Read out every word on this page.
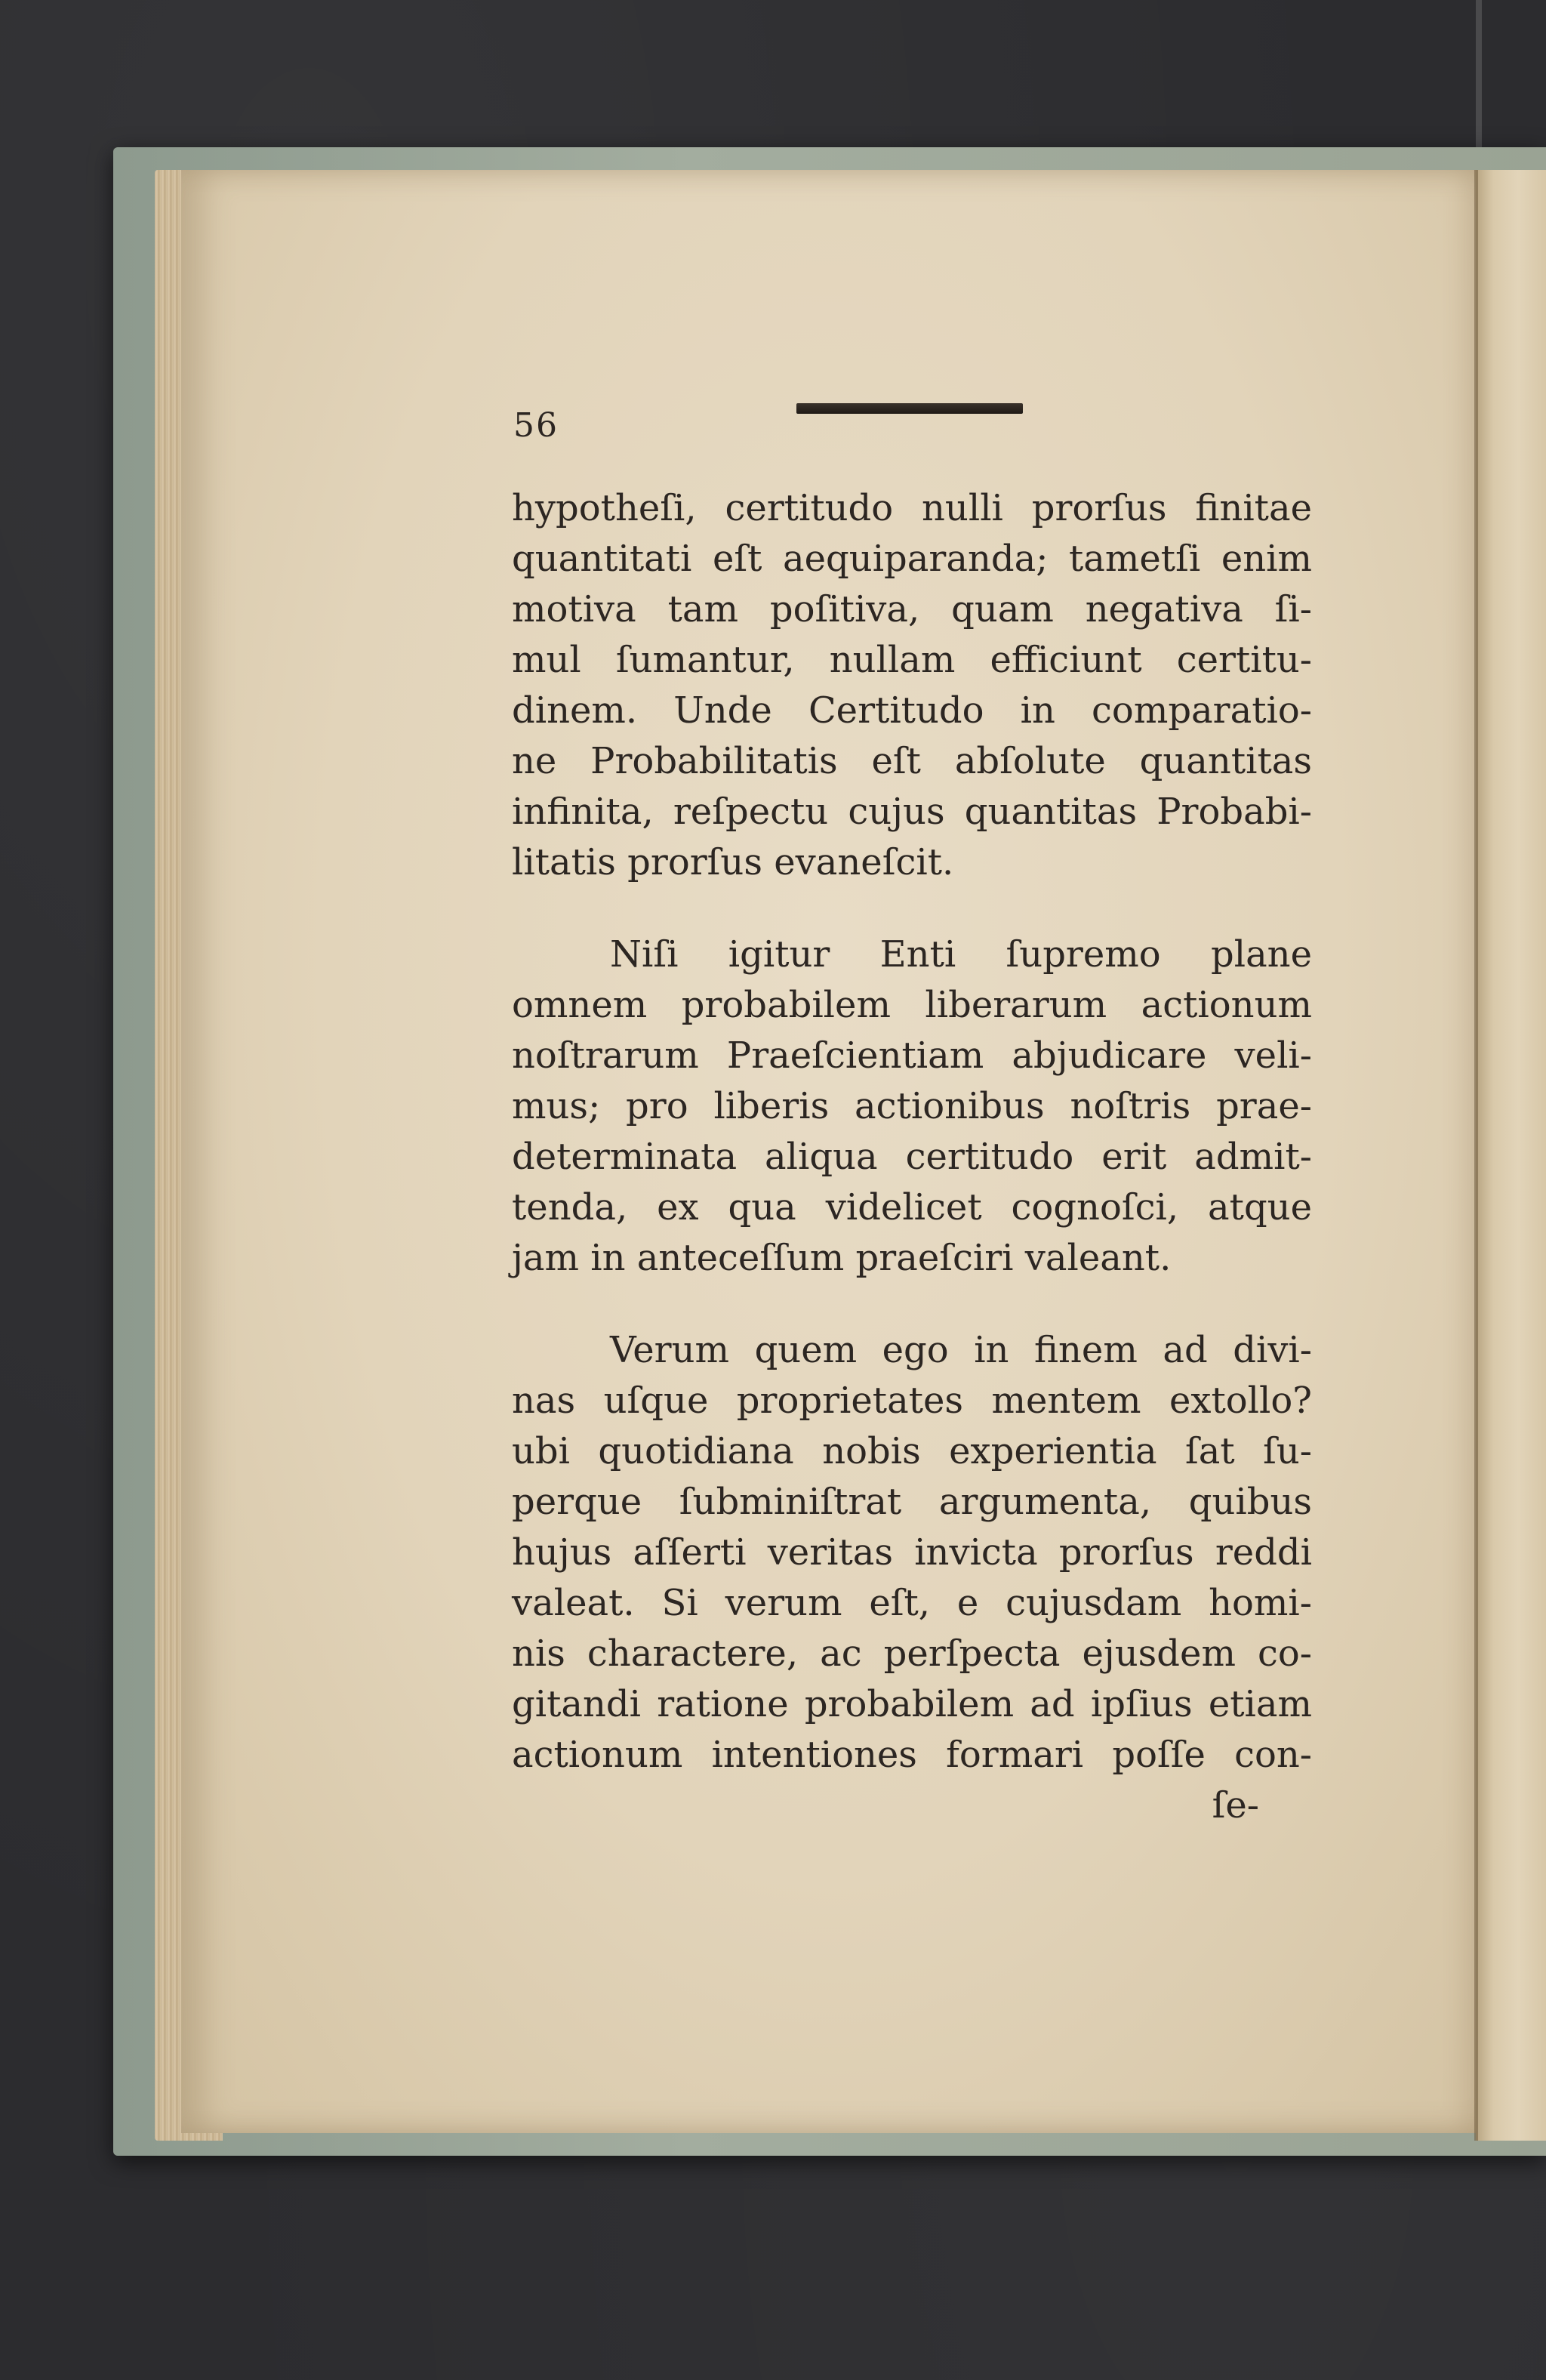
56
hypotheſi, certitudo nulli prorſus finitae
quantitati eſt aequiparanda; tametſi enim
motiva tam poſitiva, quam negativa ſi-
mul ſumantur, nullam efficiunt certitu-
dinem. Unde Certitudo in comparatio-
ne Probabilitatis eſt abſolute quantitas
infinita, reſpectu cujus quantitas Probabi-
litatis prorſus evaneſcit.
Niſi igitur Enti ſupremo plane
omnem probabilem liberarum actionum
noſtrarum Praeſcientiam abjudicare veli-
mus; pro liberis actionibus noſtris prae-
determinata aliqua certitudo erit admit-
tenda, ex qua videlicet cognoſci, atque
jam in anteceſſum praeſciri valeant.
Verum quem ego in finem ad divi-
nas uſque proprietates mentem extollo?
ubi quotidiana nobis experientia ſat ſu-
perque ſubminiſtrat argumenta, quibus
hujus aſſerti veritas invicta prorſus reddi
valeat. Si verum eſt, e cujusdam homi-
nis charactere, ac perſpecta ejusdem co-
gitandi ratione probabilem ad ipſius etiam
actionum intentiones formari poſſe con-
ſe-
